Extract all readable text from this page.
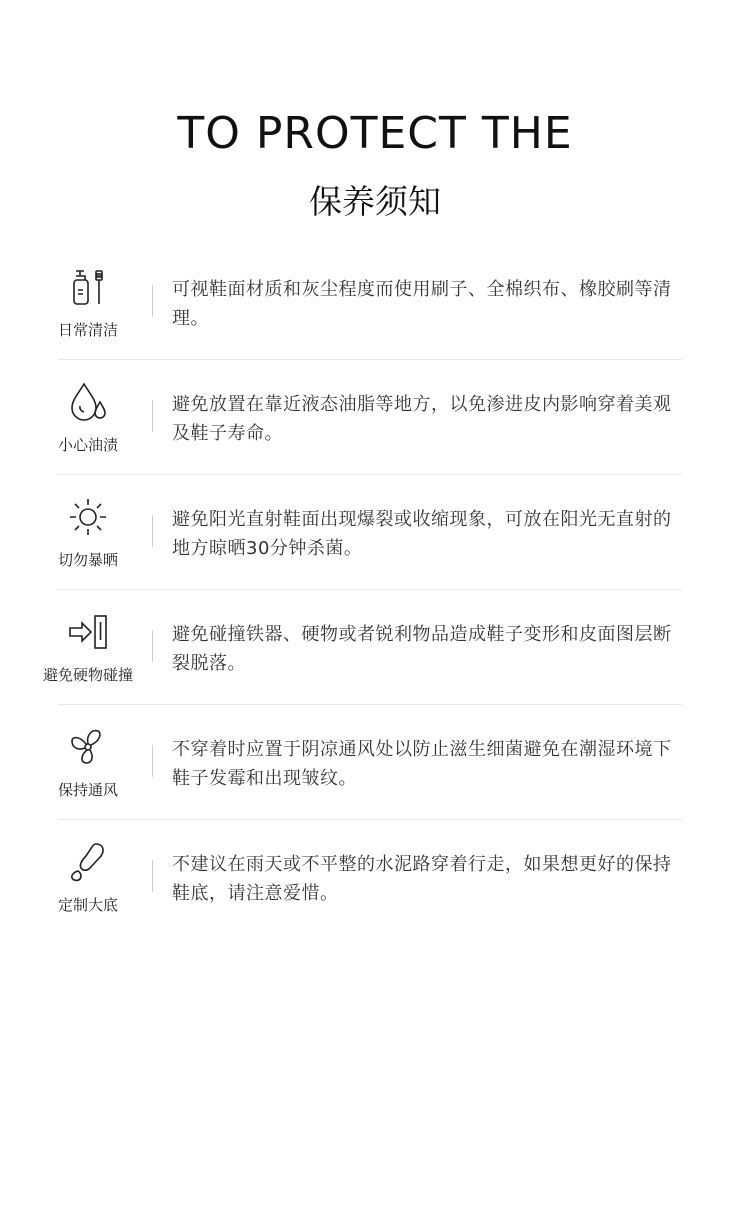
TO PROTECT THE
保养须知
日常清洁
可视鞋面材质和灰尘程度而使用刷子、全棉织布、橡胶刷等清理。
小心油渍
避免放置在靠近液态油脂等地方，以免渗进皮内影响穿着美观及鞋子寿命。
切勿暴晒
避免阳光直射鞋面出现爆裂或收缩现象，可放在阳光无直射的地方晾晒30分钟杀菌。
避免硬物碰撞
避免碰撞铁器、硬物或者锐利物品造成鞋子变形和皮面图层断裂脱落。
保持通风
不穿着时应置于阴凉通风处以防止滋生细菌避免在潮湿环境下鞋子发霉和出现皱纹。
定制大底
不建议在雨天或不平整的水泥路穿着行走，如果想更好的保持鞋底，请注意爱惜。
